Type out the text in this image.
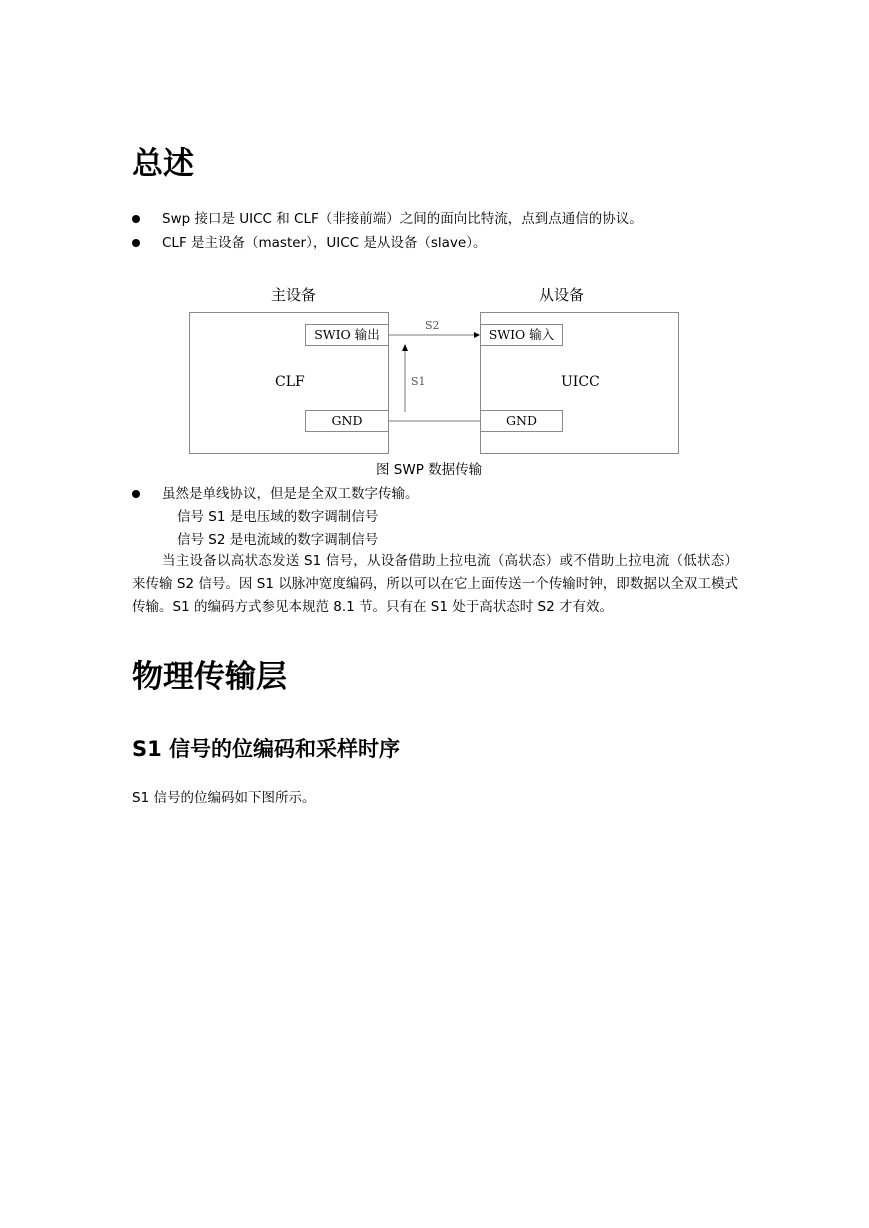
总述
Swp 接口是 UICC 和 CLF（非接前端）之间的面向比特流，点到点通信的协议。
CLF 是主设备（master），UICC 是从设备（slave）。
主设备	从设备
SWIO 输出	SWIO 输入
GND	GND
CLF	UICC
S2
S1
图 SWP 数据传输
虽然是单线协议，但是是全双工数字传输。
信号 S1 是电压域的数字调制信号
信号 S2 是电流域的数字调制信号
当主设备以高状态发送 S1 信号，从设备借助上拉电流（高状态）或不借助上拉电流（低状态）来传输 S2 信号。因 S1 以脉冲宽度编码，所以可以在它上面传送一个传输时钟，即数据以全双工模式传输。S1 的编码方式参见本规范 8.1 节。只有在 S1 处于高状态时 S2 才有效。
物理传输层
S1 信号的位编码和采样时序
S1 信号的位编码如下图所示。
